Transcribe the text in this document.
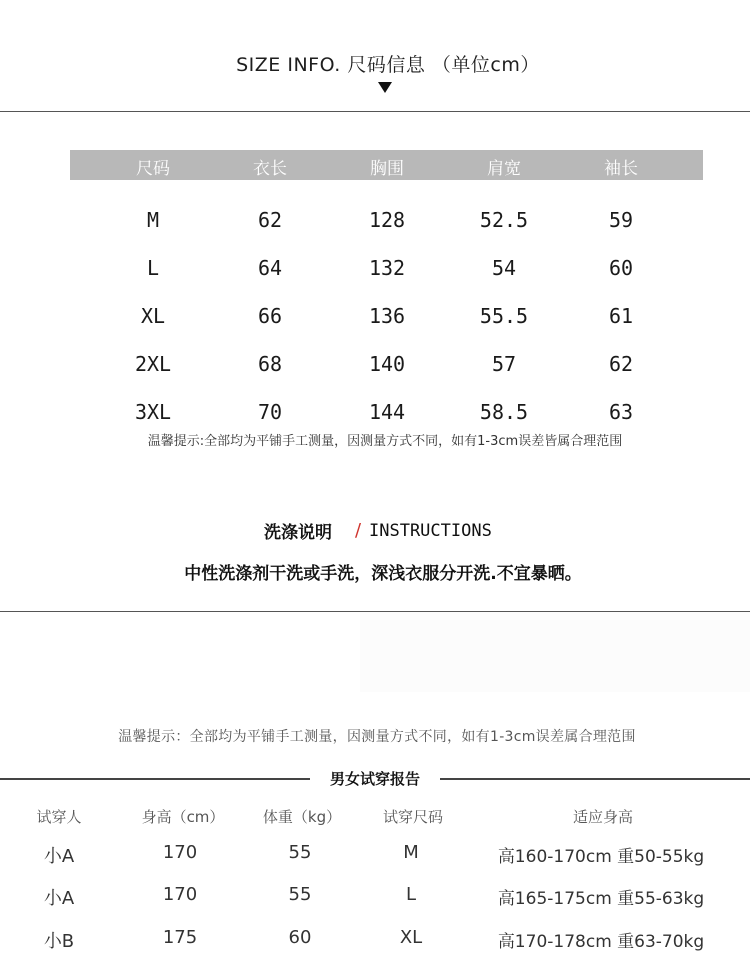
SIZE INFO. 尺码信息 （单位cm）
尺码	衣长	胸围	肩宽	袖长
M	62	128	52.5	59
L	64	132	54	60
XL	66	136	55.5	61
2XL	68	140	57	62
3XL	70	144	58.5	63
温馨提示:全部均为平铺手工测量，因测量方式不同，如有1-3cm误差皆属合理范围
洗涤说明 / INSTRUCTIONS
中性洗涤剂干洗或手洗，深浅衣服分开洗.不宜暴晒。
温馨提示：全部均为平铺手工测量，因测量方式不同，如有1-3cm误差属合理范围
男女试穿报告
试穿人	身高（cm）	体重（kg）	试穿尺码	适应身高
小A	170	55	M	高160-170cm 重50-55kg
小A	170	55	L	高165-175cm 重55-63kg
小B	175	60	XL	高170-178cm 重63-70kg
